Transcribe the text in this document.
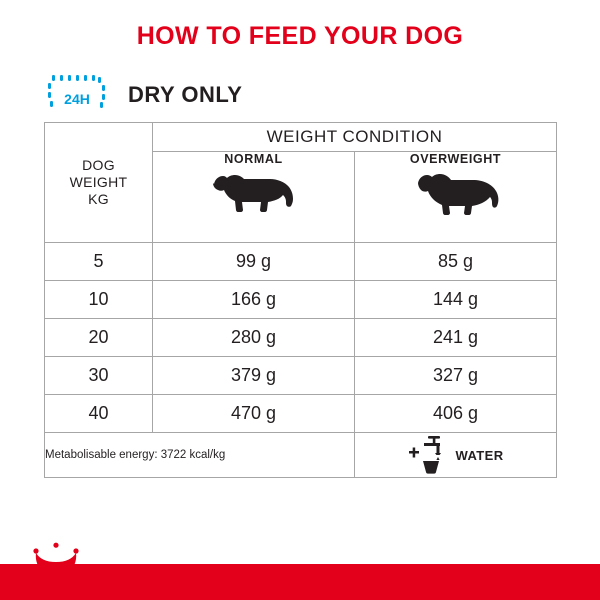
HOW TO FEED YOUR DOG
24H DRY ONLY
DOG
WEIGHT
KG	WEIGHT CONDITION	

	NORMAL	OVERWEIGHT

5	99 g	85 g
10	166 g	144 g
20	280 g	241 g
30	379 g	327 g
40	470 g	406 g
Metabolisable energy: 3722 kcal/kg		WATER
